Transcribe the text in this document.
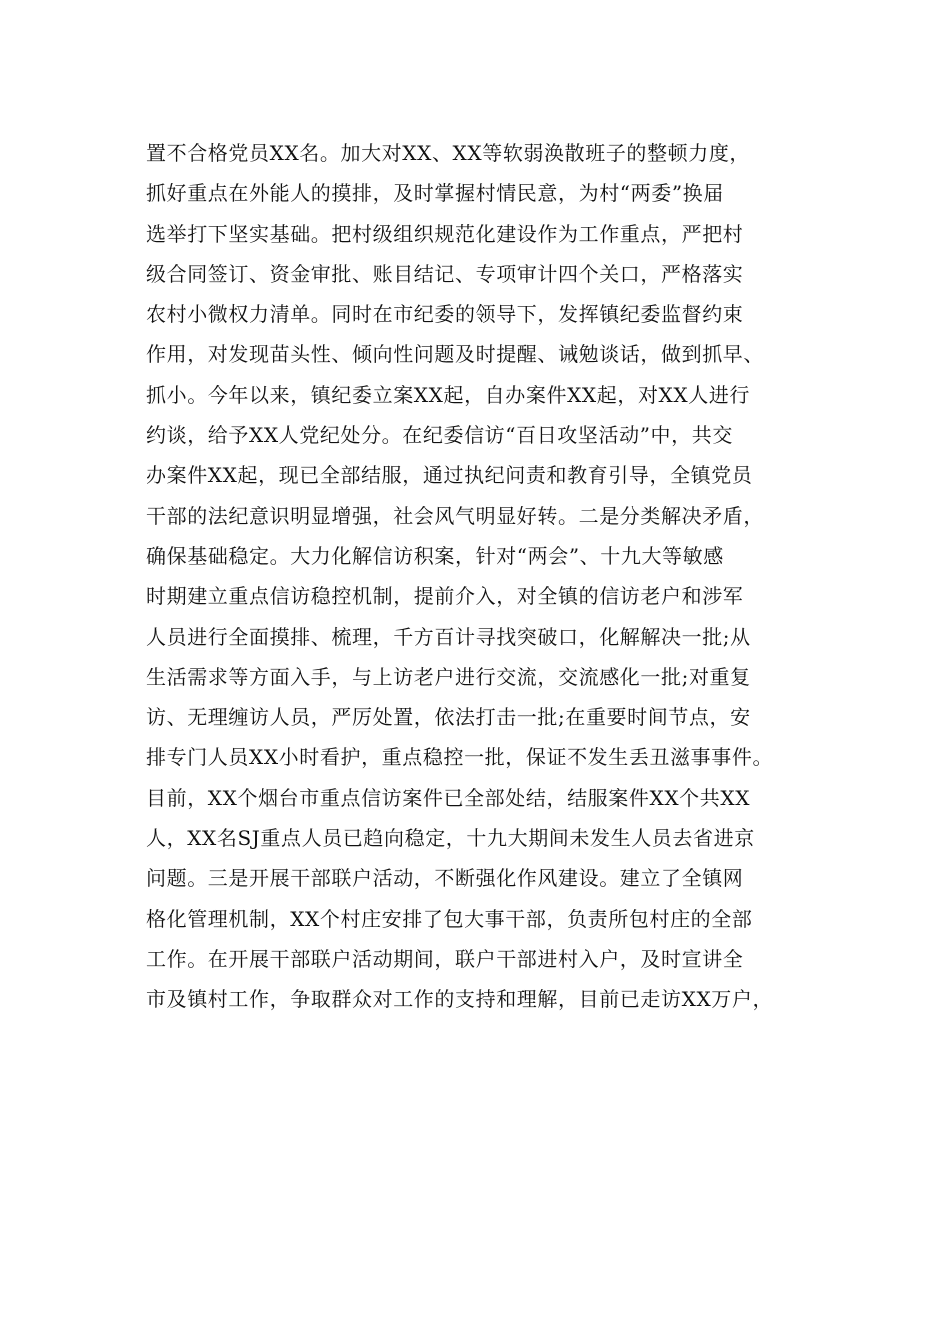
置不合格党员XX名。加大对XX、XX等软弱涣散班子的整顿力度，
抓好重点在外能人的摸排，及时掌握村情民意，为村“两委”换届
选举打下坚实基础。把村级组织规范化建设作为工作重点，严把村
级合同签订、资金审批、账目结记、专项审计四个关口，严格落实
农村小微权力清单。同时在市纪委的领导下，发挥镇纪委监督约束
作用，对发现苗头性、倾向性问题及时提醒、诫勉谈话，做到抓早、
抓小。今年以来，镇纪委立案XX起，自办案件XX起，对XX人进行
约谈，给予XX人党纪处分。在纪委信访“百日攻坚活动”中，共交
办案件XX起，现已全部结服，通过执纪问责和教育引导，全镇党员
干部的法纪意识明显增强，社会风气明显好转。二是分类解决矛盾，
确保基础稳定。大力化解信访积案，针对“两会”、十九大等敏感
时期建立重点信访稳控机制，提前介入，对全镇的信访老户和涉军
人员进行全面摸排、梳理，千方百计寻找突破口，化解解决一批;从
生活需求等方面入手，与上访老户进行交流，交流感化一批;对重复
访、无理缠访人员，严厉处置，依法打击一批;在重要时间节点，安
排专门人员XX小时看护，重点稳控一批，保证不发生丢丑滋事事件。
目前，XX个烟台市重点信访案件已全部处结，结服案件XX个共XX
人，XX名SJ重点人员已趋向稳定，十九大期间未发生人员去省进京
问题。三是开展干部联户活动，不断强化作风建设。建立了全镇网
格化管理机制，XX个村庄安排了包大事干部，负责所包村庄的全部
工作。在开展干部联户活动期间，联户干部进村入户，及时宣讲全
市及镇村工作，争取群众对工作的支持和理解，目前已走访XX万户，
